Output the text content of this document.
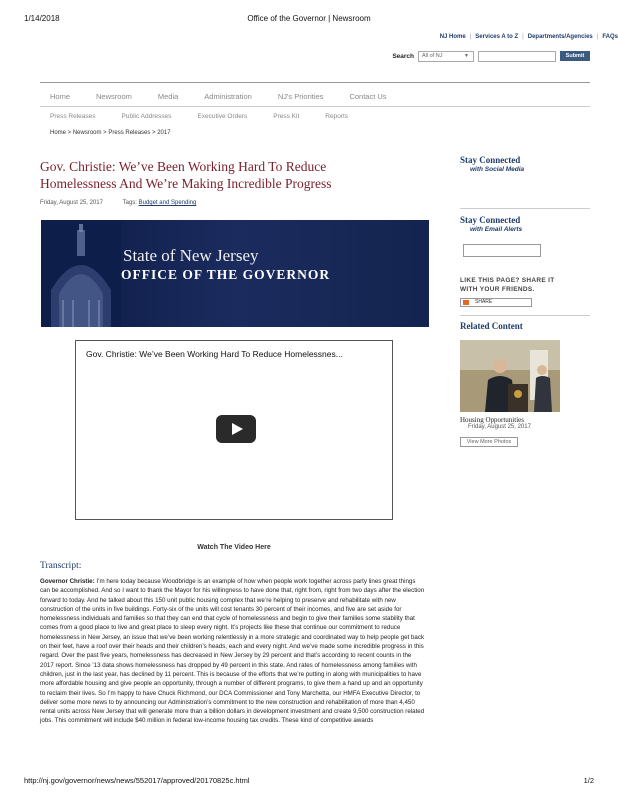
1/14/2018	Office of the Governor | Newsroom
NJ Home | Services A to Z | Departments/Agencies | FAQs
Search	All of NJ	▼	Submit
Home	Newsroom	Media	Administration	NJ's Priorities	Contact Us
Press Releases	Public Addresses	Executive Orders	Press Kit	Reports
Home > Newsroom > Press Releases > 2017
Gov. Christie: We’ve Been Working Hard To Reduce
Homelessness And We’re Making Incredible Progress
Friday, August 25, 2017	Tags: Budget and Spending
State of New Jersey
OFFICE OF THE GOVERNOR
Gov. Christie: We’ve Been Working Hard To Reduce Homelessnes...
Watch The Video Here
Transcript:
Governor Christie: I’m here today because Woodbridge is an example of how when people work together across party lines great things can be accomplished. And so I want to thank the Mayor for his willingness to have done that, right from, right from two days after the election forward to today. And he talked about this 150 unit public housing complex that we’re helping to preserve and rehabilitate with new construction of the units in five buildings. Forty-six of the units will cost tenants 30 percent of their incomes, and five are set aside for homelessness individuals and families so that they can end that cycle of homelessness and begin to give their families some stability that comes from a good place to live and great place to sleep every night. It’s projects like these that continue our commitment to reduce homelessness in New Jersey, an issue that we’ve been working relentlessly in a more strategic and coordinated way to help people get back on their feet, have a roof over their heads and their children’s heads, each and every night. And we’ve made some incredible progress in this regard. Over the past five years, homelessness has decreased in New Jersey by 29 percent and that’s according to recent counts in the 2017 report. Since ’13 data shows homelessness has dropped by 49 percent in this state. And rates of homelessness among families with children, just in the last year, has declined by 11 percent. This is because of the efforts that we’re putting in along with municipalities to have more affordable housing and give people an opportunity, through a number of different programs, to give them a hand up and an opportunity to reclaim their lives. So I’m happy to have Chuck Richmond, our DCA Commissioner and Tony Marchetta, our HMFA Executive Director, to deliver some more news to by announcing our Administration’s commitment to the new construction and rehabilitation of more than 4,450 rental units across New Jersey that will generate more than a billion dollars in development investment and create 9,500 construction related jobs. This commitment will include $40 million in federal low-income housing tax credits. These kind of competitive awards
Stay Connected
with Social Media
Stay Connected
with Email Alerts
LIKE THIS PAGE? SHARE IT
WITH YOUR FRIENDS.
SHARE
Related Content
Housing Opportunities
Friday, August 25, 2017
View More Photos
http://nj.gov/governor/news/news/552017/approved/20170825c.html	1/2
